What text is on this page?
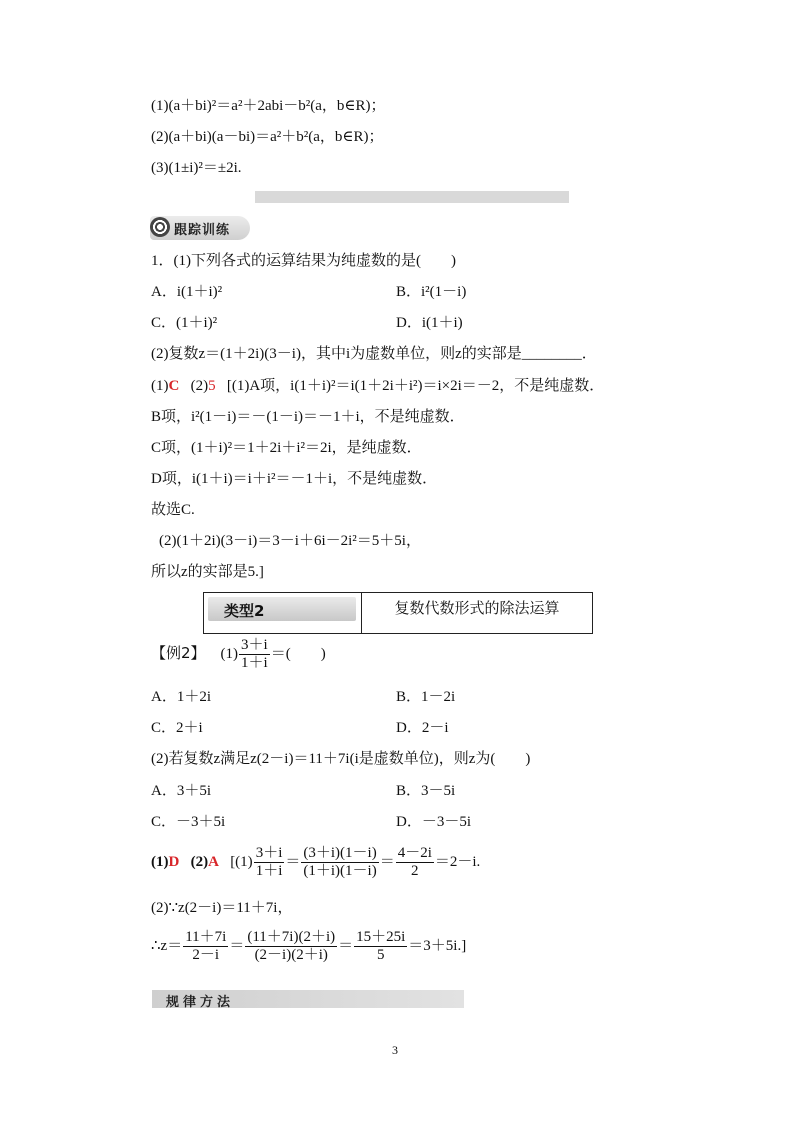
(1)(a＋bi)²＝a²＋2abi－b²(a，b∈R)；
(2)(a＋bi)(a－bi)＝a²＋b²(a，b∈R)；
(3)(1±i)²＝±2i.
跟踪训练
1．(1)下列各式的运算结果为纯虚数的是(　　)
A．i(1＋i)²	B．i²(1－i)
C．(1＋i)²	D．i(1＋i)
(2)复数z＝(1＋2i)(3－i)，其中i为虚数单位，则z的实部是________．
(1)C (2)5 [(1)A项，i(1＋i)²＝i(1＋2i＋i²)＝i×2i＝－2，不是纯虚数．
B项，i²(1－i)＝－(1－i)＝－1＋i，不是纯虚数．
C项，(1＋i)²＝1＋2i＋i²＝2i，是纯虚数．
D项，i(1＋i)＝i＋i²＝－1＋i，不是纯虚数．
故选C.
(2)(1＋2i)(3－i)＝3－i＋6i－2i²＝5＋5i，
所以z的实部是5.]
类型2	复数代数形式的除法运算
【例2】 $(1) \frac{3+i}{1+i}$ ＝(　　)
A．1＋2i	B．1－2i
C．2＋i	D．2－i
(2)若复数z满足z(2－i)＝11＋7i(i是虚数单位)，则z为(　　)
A．3＋5i	B．3－5i
C．－3＋5i	D．－3－5i
(1)D (2)A [$(1) \frac{3+i}{1+i} = \frac{(3+i)(1-i)}{(1+i)(1-i)} = \frac{4-2i}{2} =2-i$.
(2)∵z(2－i)＝11＋7i，
∴z＝ $\frac{11+7i}{2-i} = \frac{(11+7i)(2+i)}{(2-i)(2+i)} = \frac{15+25i}{5} =3+5i$.]
规律方法
3
